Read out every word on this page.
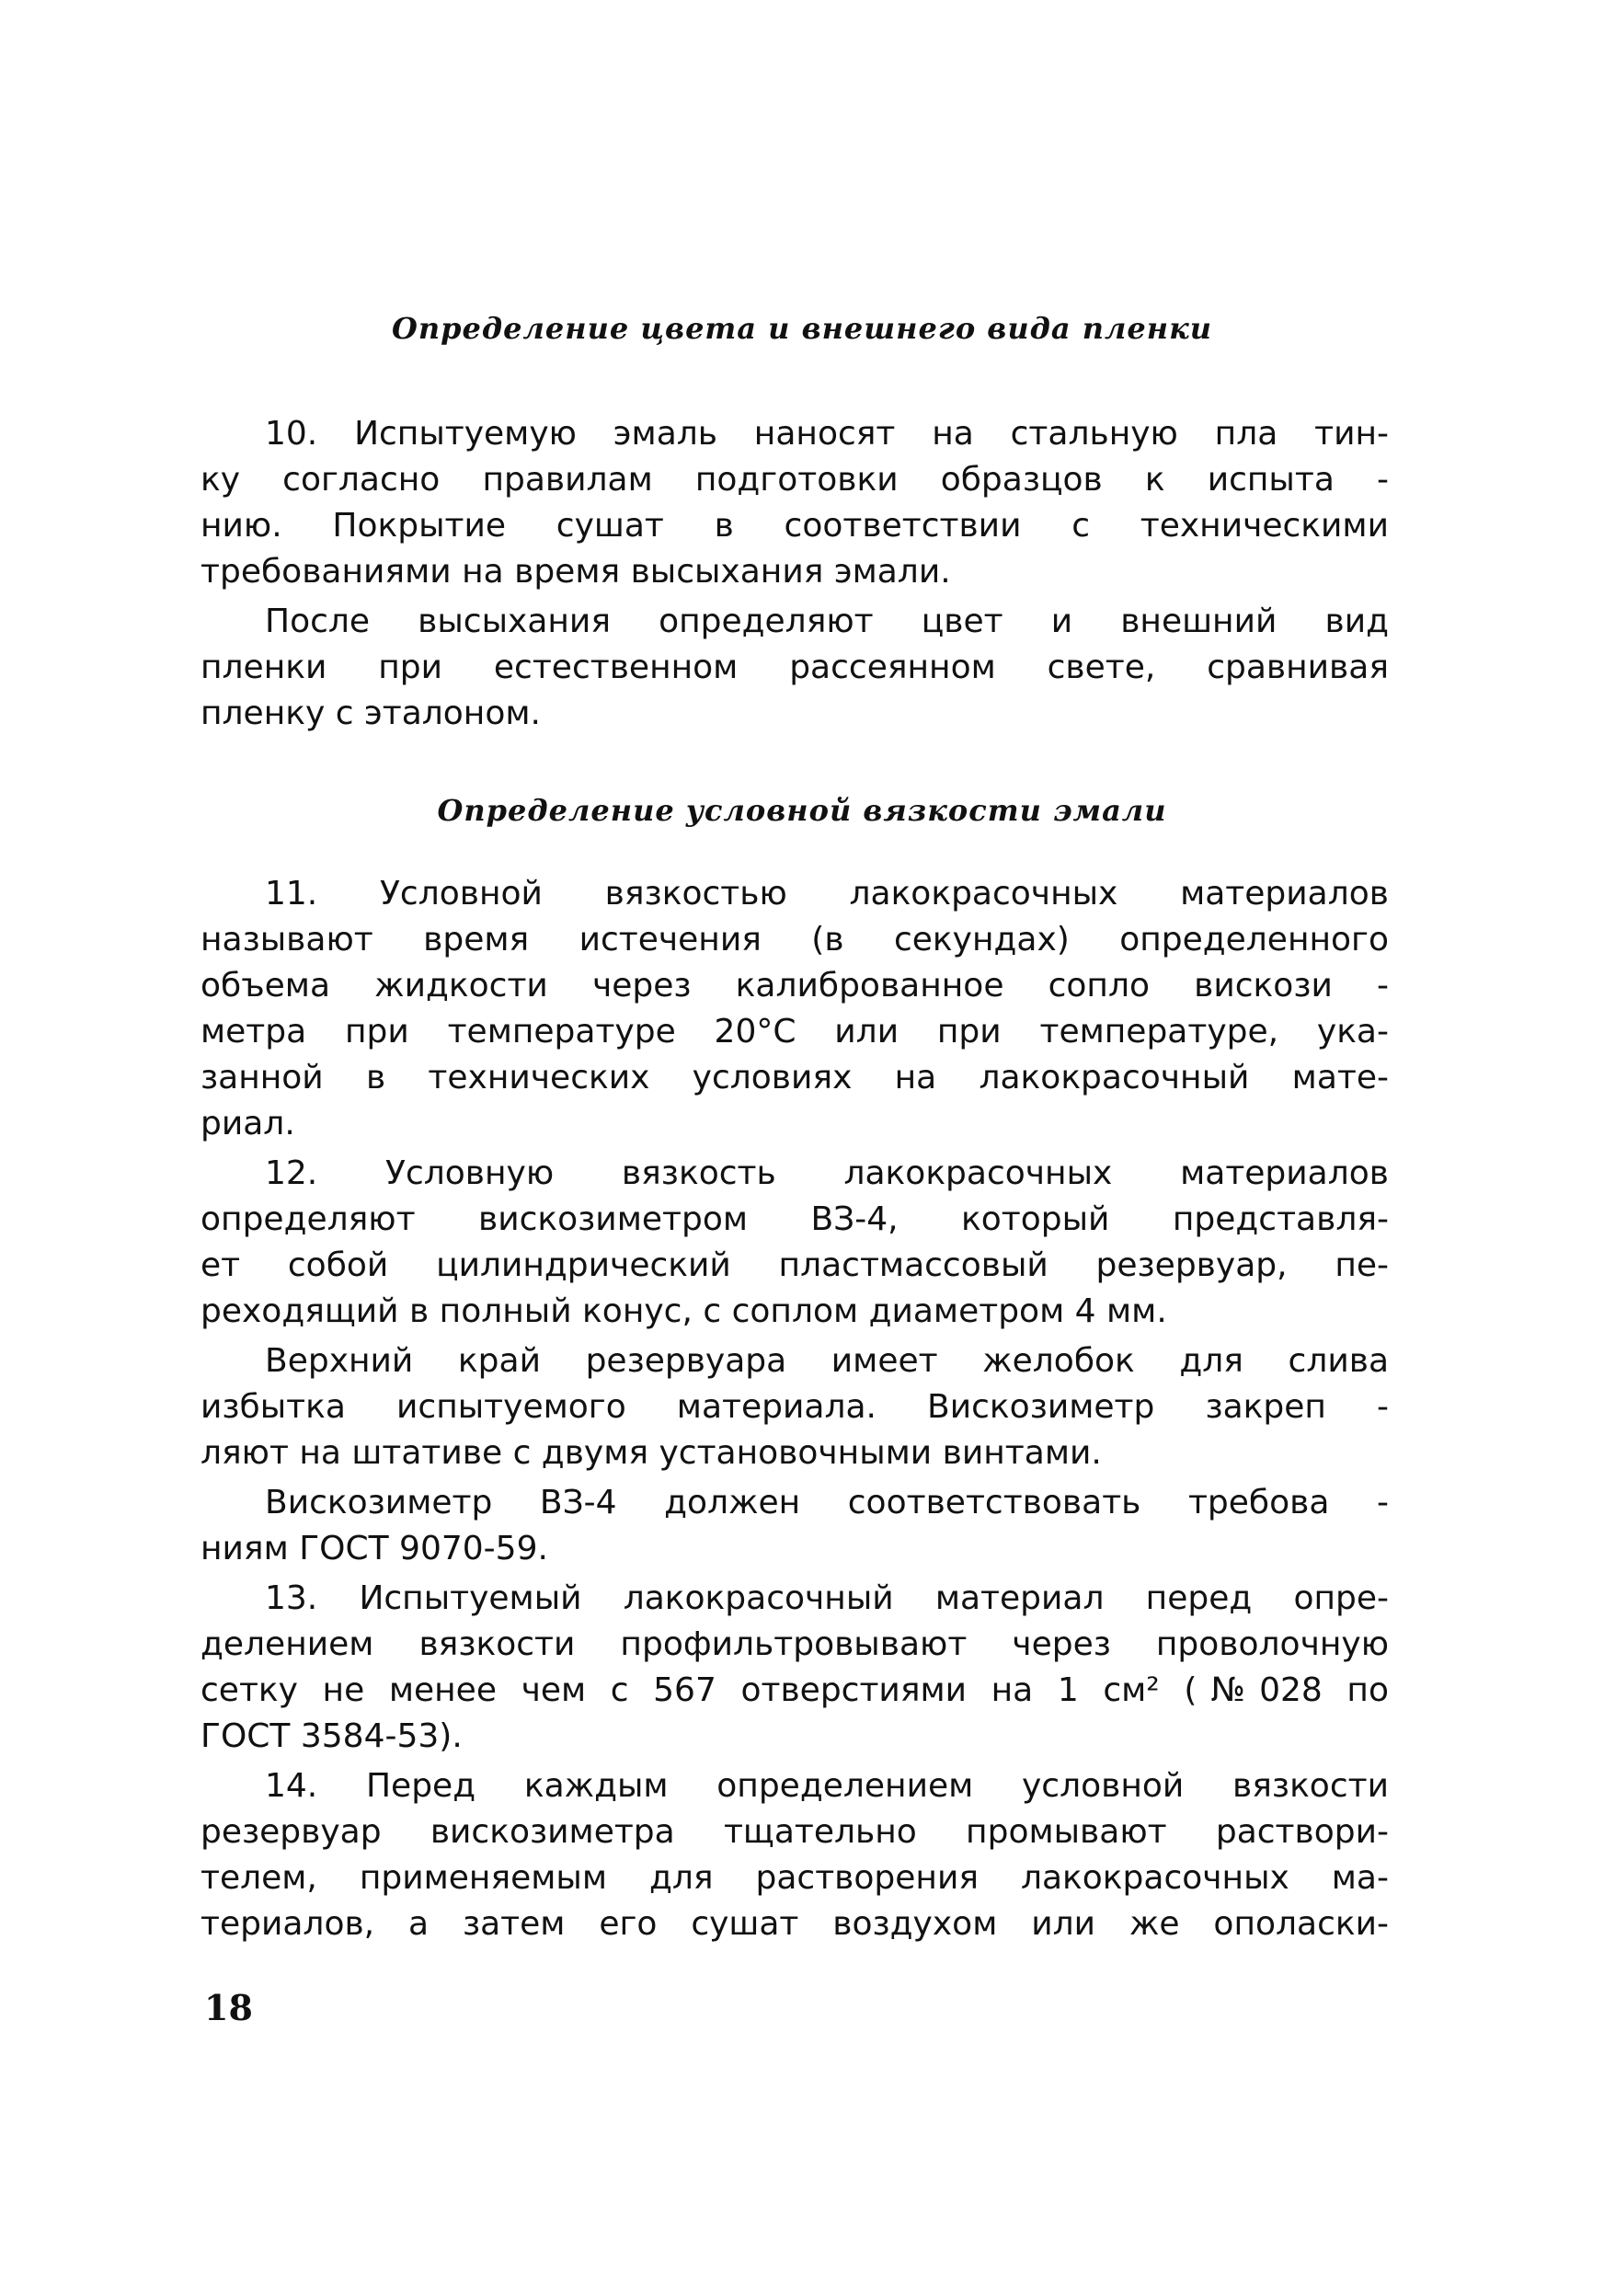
Определение цвета и внешнего вида пленки
10. Испытуемую эмаль наносят на стальную пла тин-
ку согласно правилам подготовки образцов к испыта -
нию. Покрытие сушат в соответствии с техническими
требованиями на время высыхания эмали.
После высыхания определяют цвет и внешний вид
пленки при естественном рассеянном свете, сравнивая
пленку с эталоном.
Определение условной вязкости эмали
11. Условной вязкостью лакокрасочных материалов
называют время истечения (в секундах) определенного
объема жидкости через калиброванное сопло вискози -
метра при температуре 20°С или при температуре, ука-
занной в технических условиях на лакокрасочный мате-
риал.
12. Условную вязкость лакокрасочных материалов
определяют вискозиметром ВЗ-4, который представля-
ет собой цилиндрический пластмассовый резервуар, пе-
реходящий в полный конус, с соплом диаметром 4 мм.
Верхний край резервуара имеет желобок для слива
избытка испытуемого материала. Вискозиметр закреп -
ляют на штативе с двумя установочными винтами.
Вискозиметр ВЗ-4 должен соответствовать требова -
ниям ГОСТ 9070-59.
13. Испытуемый лакокрасочный материал перед опре-
делением вязкости профильтровывают через проволочную
сетку не менее чем с 567 отверстиями на 1 см² (№028 по
ГОСТ 3584-53).
14. Перед каждым определением условной вязкости
резервуар вискозиметра тщательно промывают раствори-
телем, применяемым для растворения лакокрасочных ма-
териалов, а затем его сушат воздухом или же ополаски-
18
